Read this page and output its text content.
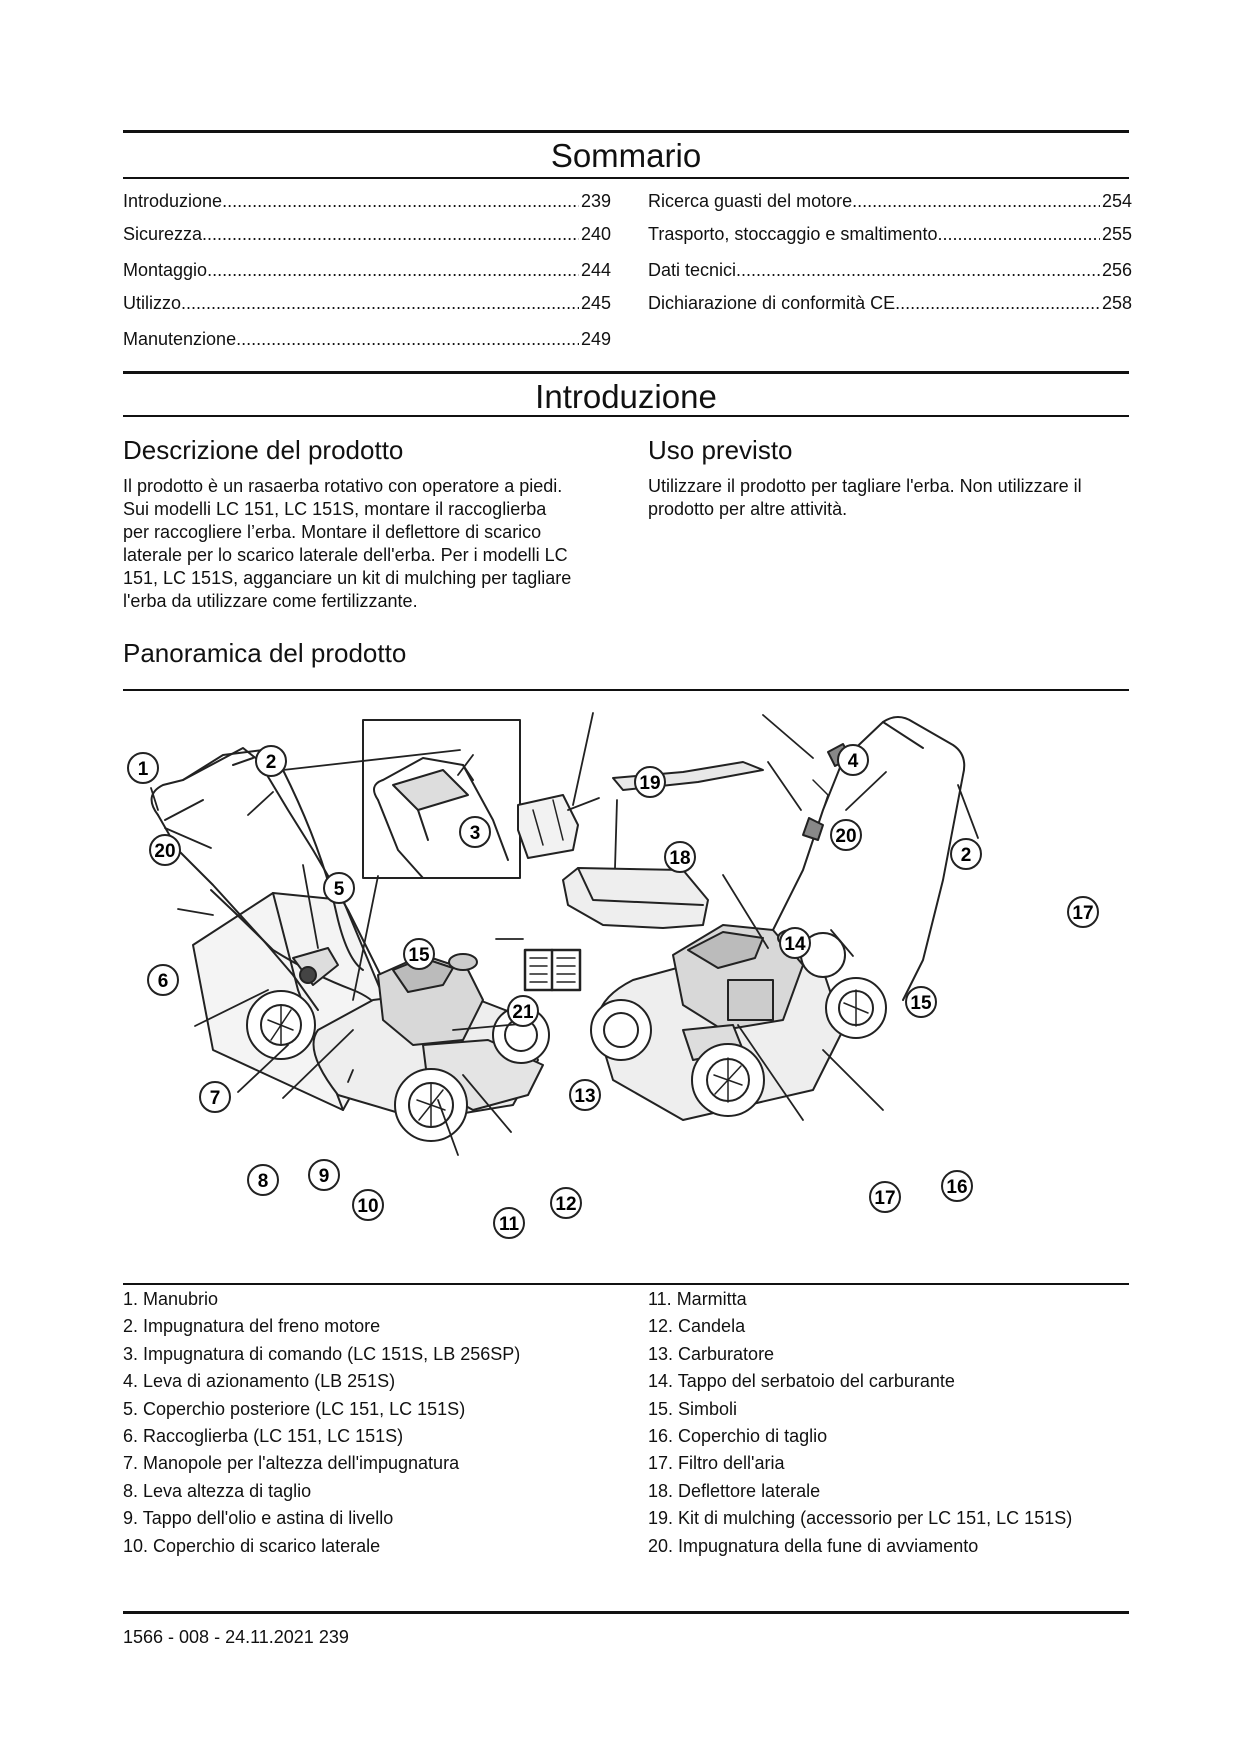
Sommario
Introduzione .....	239
Sicurezza .....	240
Montaggio .....	244
Utilizzo .....	245
Manutenzione .....	249
Ricerca guasti del motore .....	254
Trasporto, stoccaggio e smaltimento .....	255
Dati tecnici .....	256
Dichiarazione di conformità CE .....	258
Introduzione
Descrizione del prodotto
Il prodotto è un rasaerba rotativo con operatore a piedi.
Sui modelli LC 151, LC 151S, montare il raccoglierba
per raccogliere l’erba. Montare il deflettore di scarico
laterale per lo scarico laterale dell'erba. Per i modelli LC
151, LC 151S, agganciare un kit di mulching per tagliare
l'erba da utilizzare come fertilizzante.
Uso previsto
Utilizzare il prodotto per tagliare l'erba. Non utilizzare il
prodotto per altre attività.
Panoramica del prodotto
1	2
3
20
5
15
6
7
8	9
10
11
12
13
19
18
21
4
20
2
17
14
15
17
16
1. Manubrio
2. Impugnatura del freno motore
3. Impugnatura di comando (LC 151S, LB 256SP)
4. Leva di azionamento (LB 251S)
5. Coperchio posteriore (LC 151, LC 151S)
6. Raccoglierba (LC 151, LC 151S)
7. Manopole per l'altezza dell'impugnatura
8. Leva altezza di taglio
9. Tappo dell'olio e astina di livello
10. Coperchio di scarico laterale
11. Marmitta
12. Candela
13. Carburatore
14. Tappo del serbatoio del carburante
15. Simboli
16. Coperchio di taglio
17. Filtro dell'aria
18. Deflettore laterale
19. Kit di mulching (accessorio per LC 151, LC 151S)
20. Impugnatura della fune di avviamento
1566 - 008 - 24.11.2021 239
